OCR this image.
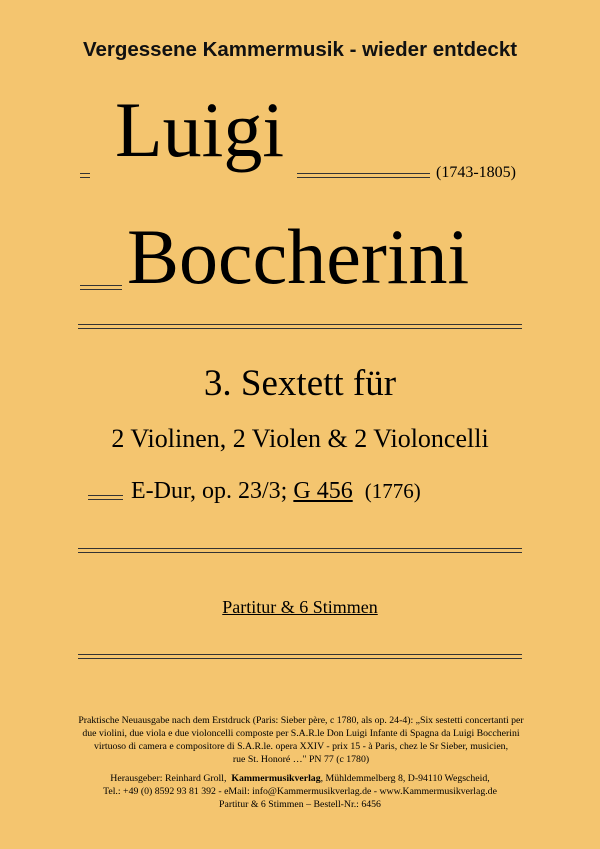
Vergessene Kammermusik - wieder entdeckt
Luigi	(1743-1805)
Boccherini
3. Sextett für
2 Violinen, 2 Violen & 2 Violoncelli
E-Dur, op. 23/3; G 456 (1776)
Partitur & 6 Stimmen
Praktische Neuausgabe nach dem Erstdruck (Paris: Sieber père, c 1780, als op. 24-4): „Six sestetti concertanti per
due violini, due viola e due violoncelli composte per S.A.R.le Don Luigi Infante di Spagna da Luigi Boccherini
virtuoso di camera e compositore di S.A.R.le. opera XXIV - prix 15 - à Paris, chez le Sr Sieber, musicien,
rue St. Honoré …" PN 77 (c 1780)
Herausgeber: Reinhard Groll, Kammermusikverlag, Mühldemmelberg 8, D-94110 Wegscheid,
Tel.: +49 (0) 8592 93 81 392 - eMail: info@Kammermusikverlag.de - www.Kammermusikverlag.de
Partitur & 6 Stimmen – Bestell-Nr.: 6456
